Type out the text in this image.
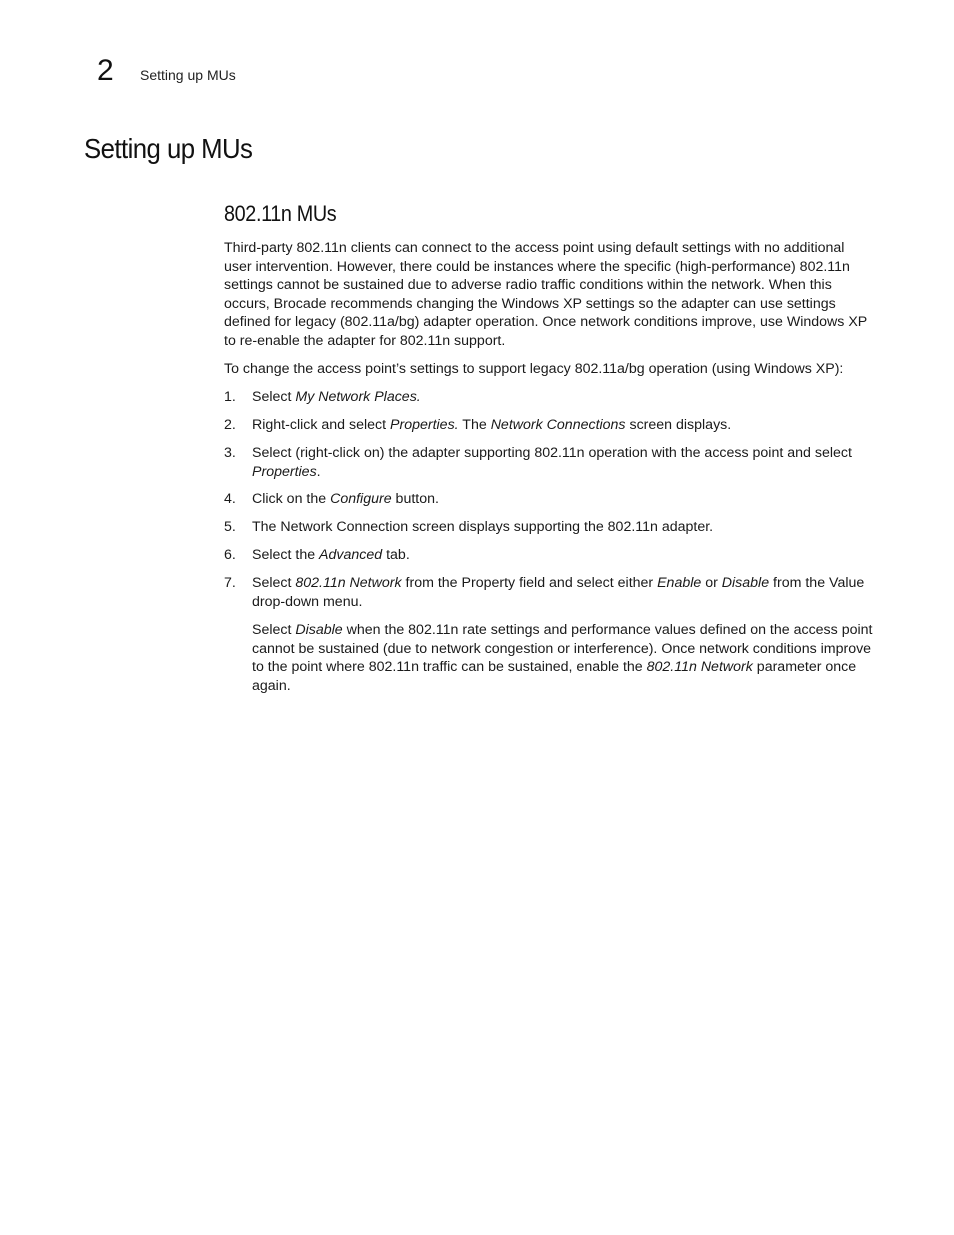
2 Setting up MUs
Setting up MUs
802.11n MUs

Third-party 802.11n clients can connect to the access point using default settings with no additional user intervention. However, there could be instances where the specific (high-performance) 802.11n settings cannot be sustained due to adverse radio traffic conditions within the network. When this occurs, Brocade recommends changing the Windows XP settings so the adapter can use settings defined for legacy (802.11a/bg) adapter operation. Once network conditions improve, use Windows XP to re-enable the adapter for 802.11n support.

To change the access point’s settings to support legacy 802.11a/bg operation (using Windows XP):

1. Select My Network Places.
2. Right-click and select Properties. The Network Connections screen displays.
3. Select (right-click on) the adapter supporting 802.11n operation with the access point and select Properties.
4. Click on the Configure button.
5. The Network Connection screen displays supporting the 802.11n adapter.
6. Select the Advanced tab.
7. Select 802.11n Network from the Property field and select either Enable or Disable from the Value drop-down menu.

Select Disable when the 802.11n rate settings and performance values defined on the access point cannot be sustained (due to network congestion or interference). Once network conditions improve to the point where 802.11n traffic can be sustained, enable the 802.11n Network parameter once again.
